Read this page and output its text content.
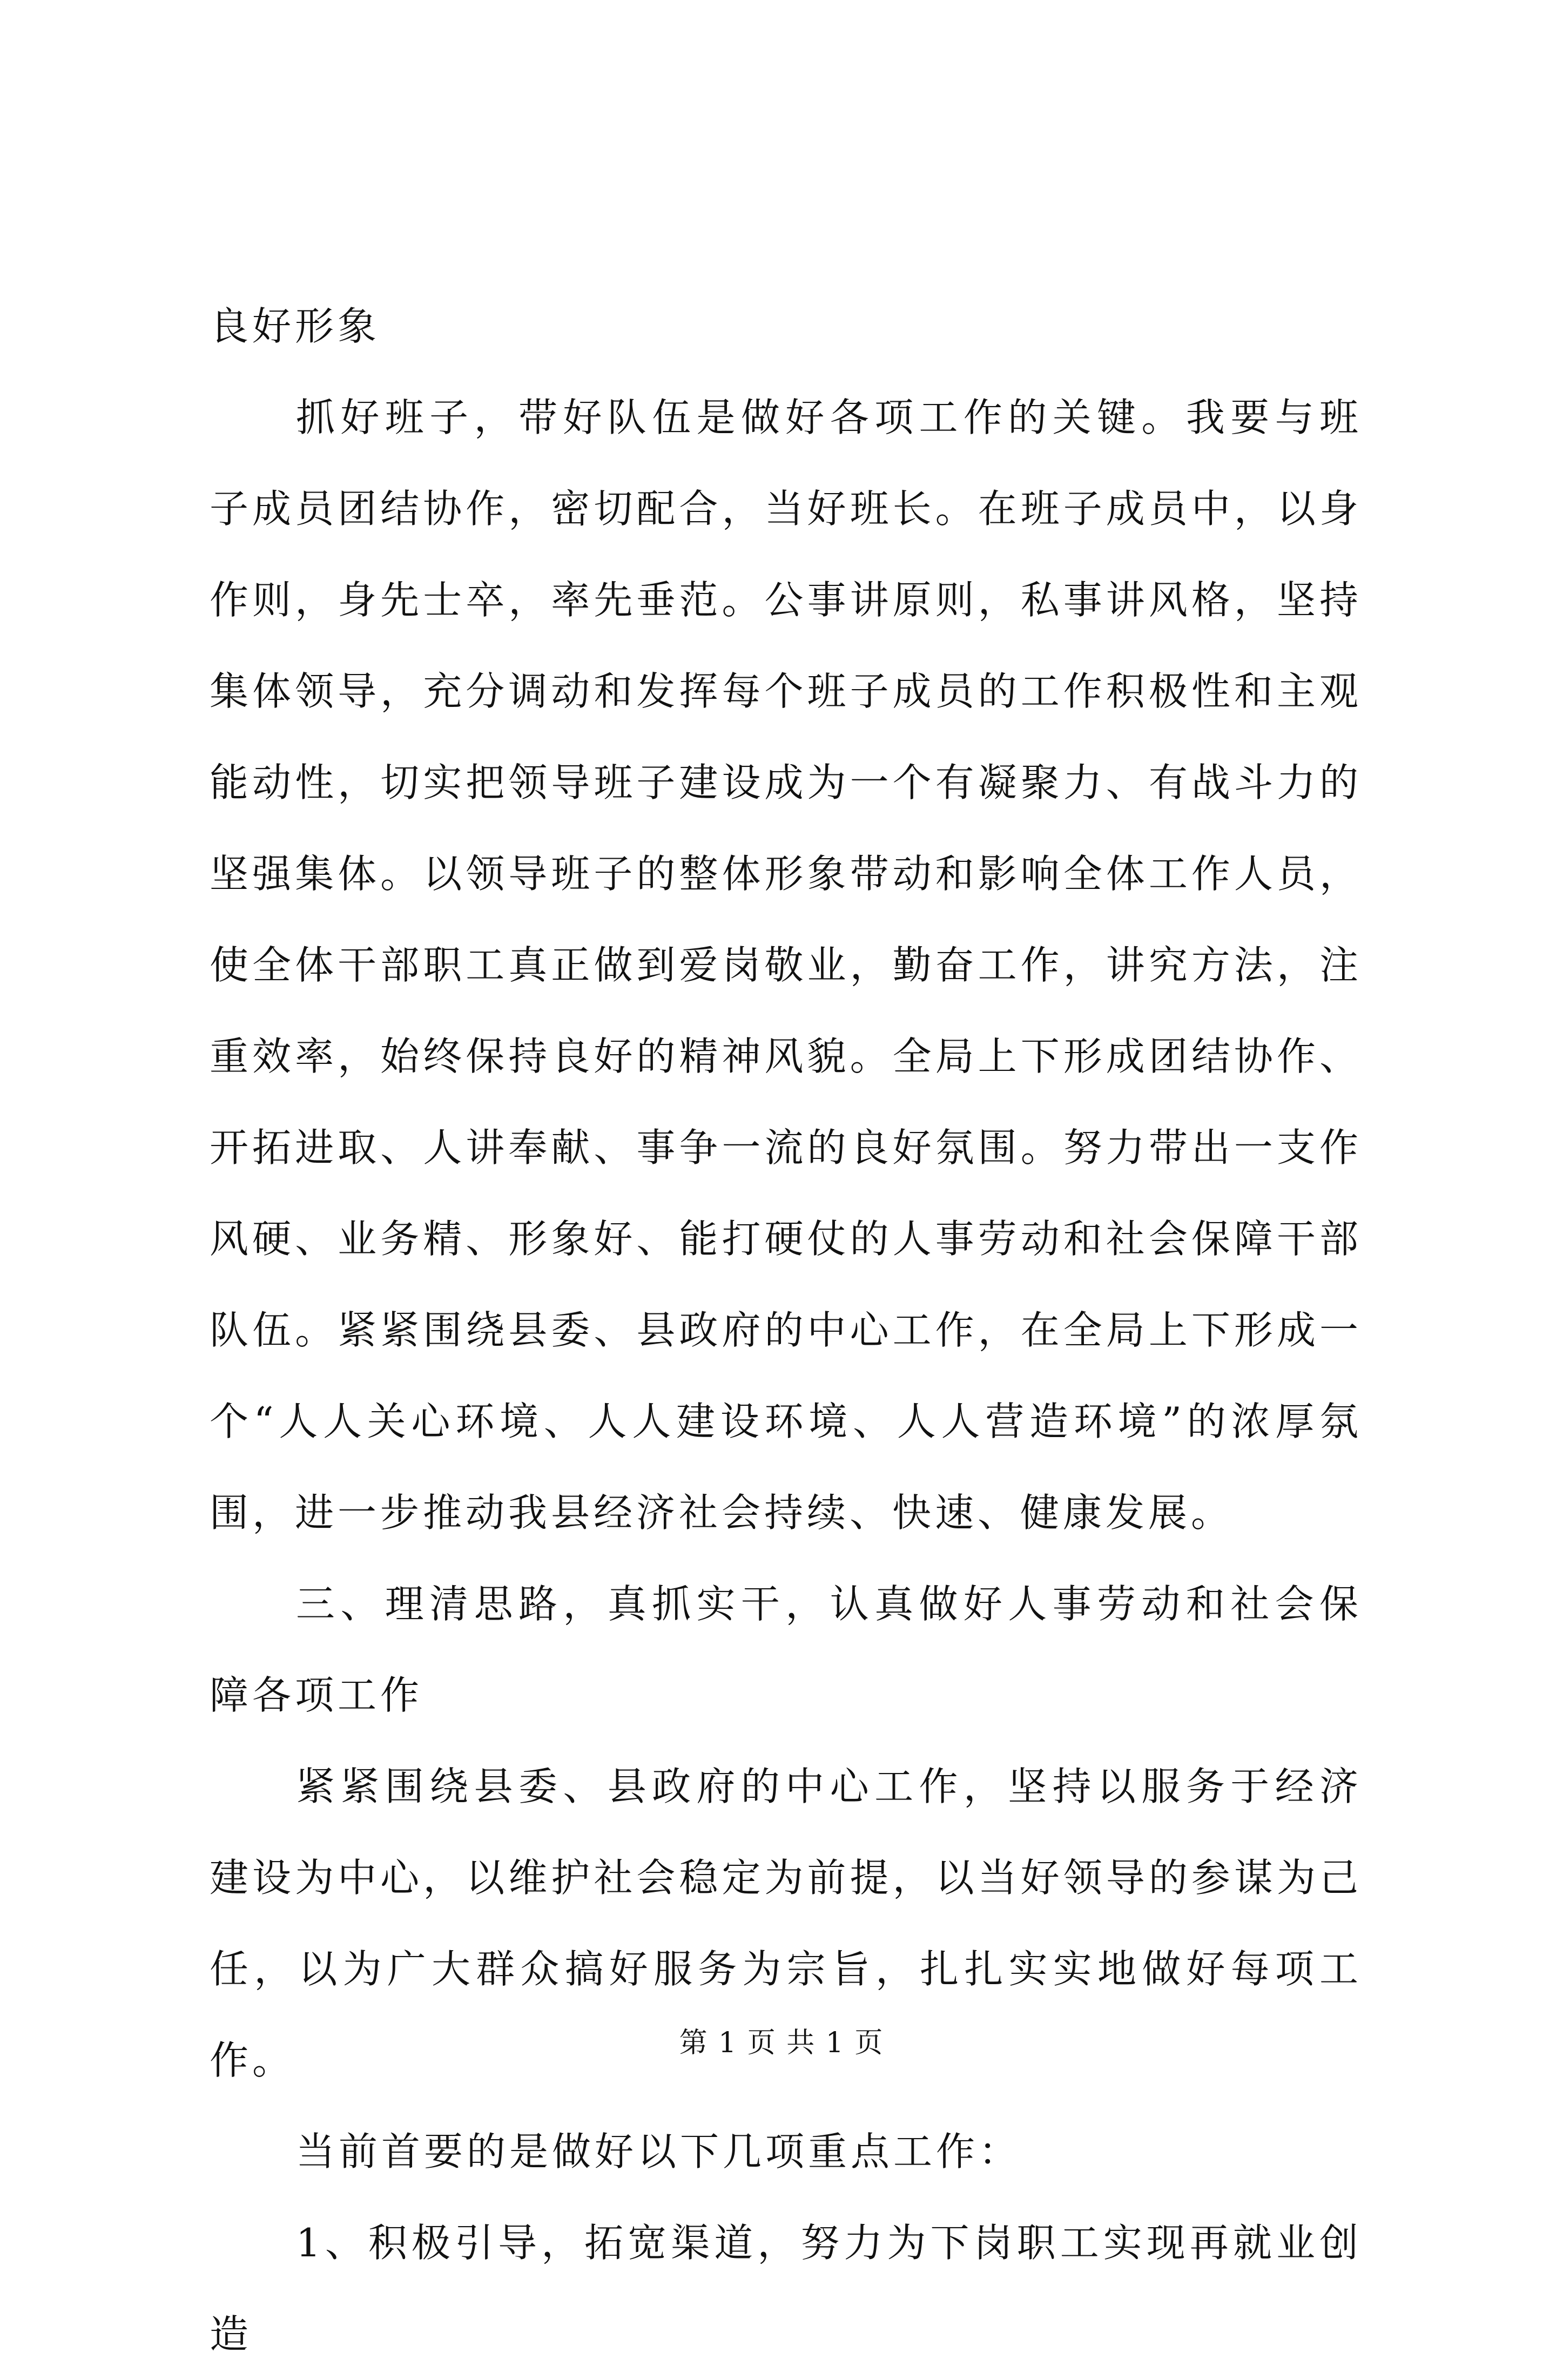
良好形象

抓好班子，带好队伍是做好各项工作的关键。我要与班子成员团结协作，密切配合，当好班长。在班子成员中，以身作则，身先士卒，率先垂范。公事讲原则，私事讲风格，坚持集体领导，充分调动和发挥每个班子成员的工作积极性和主观能动性，切实把领导班子建设成为一个有凝聚力、有战斗力的坚强集体。以领导班子的整体形象带动和影响全体工作人员，使全体干部职工真正做到爱岗敬业，勤奋工作，讲究方法，注重效率，始终保持良好的精神风貌。全局上下形成团结协作、开拓进取、人讲奉献、事争一流的良好氛围。努力带出一支作风硬、业务精、形象好、能打硬仗的人事劳动和社会保障干部队伍。紧紧围绕县委、县政府的中心工作，在全局上下形成一个“人人关心环境、人人建设环境、人人营造环境”的浓厚氛围，进一步推动我县经济社会持续、快速、健康发展。

三、理清思路，真抓实干，认真做好人事劳动和社会保障各项工作

紧紧围绕县委、县政府的中心工作，坚持以服务于经济建设为中心，以维护社会稳定为前提，以当好领导的参谋为己任，以为广大群众搞好服务为宗旨，扎扎实实地做好每项工作。

当前首要的是做好以下几项重点工作：

1、积极引导，拓宽渠道，努力为下岗职工实现再就业创造

第 1 页 共 1 页
